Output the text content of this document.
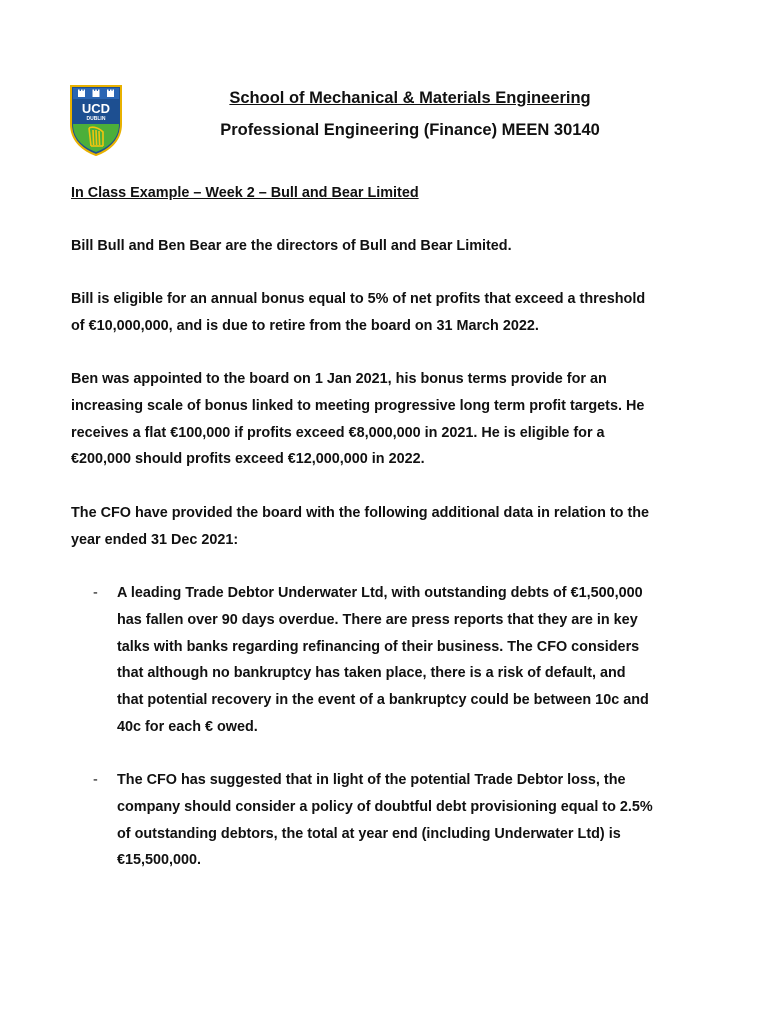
UCD
DUBLIN
School of Mechanical & Materials Engineering
Professional Engineering (Finance) MEEN 30140
In Class Example – Week 2 – Bull and Bear Limited
Bill Bull and Ben Bear are the directors of Bull and Bear Limited.
Bill is eligible for an annual bonus equal to 5% of net profits that exceed a threshold
of €10,000,000, and is due to retire from the board on 31 March 2022.
Ben was appointed to the board on 1 Jan 2021, his bonus terms provide for an
increasing scale of bonus linked to meeting progressive long term profit targets. He
receives a flat €100,000 if profits exceed €8,000,000 in 2021. He is eligible for a
€200,000 should profits exceed €12,000,000 in 2022.
The CFO have provided the board with the following additional data in relation to the
year ended 31 Dec 2021:
- A leading Trade Debtor Underwater Ltd, with outstanding debts of €1,500,000
has fallen over 90 days overdue. There are press reports that they are in key
talks with banks regarding refinancing of their business. The CFO considers
that although no bankruptcy has taken place, there is a risk of default, and
that potential recovery in the event of a bankruptcy could be between 10c and
40c for each € owed.
- The CFO has suggested that in light of the potential Trade Debtor loss, the
company should consider a policy of doubtful debt provisioning equal to 2.5%
of outstanding debtors, the total at year end (including Underwater Ltd) is
€15,500,000.
